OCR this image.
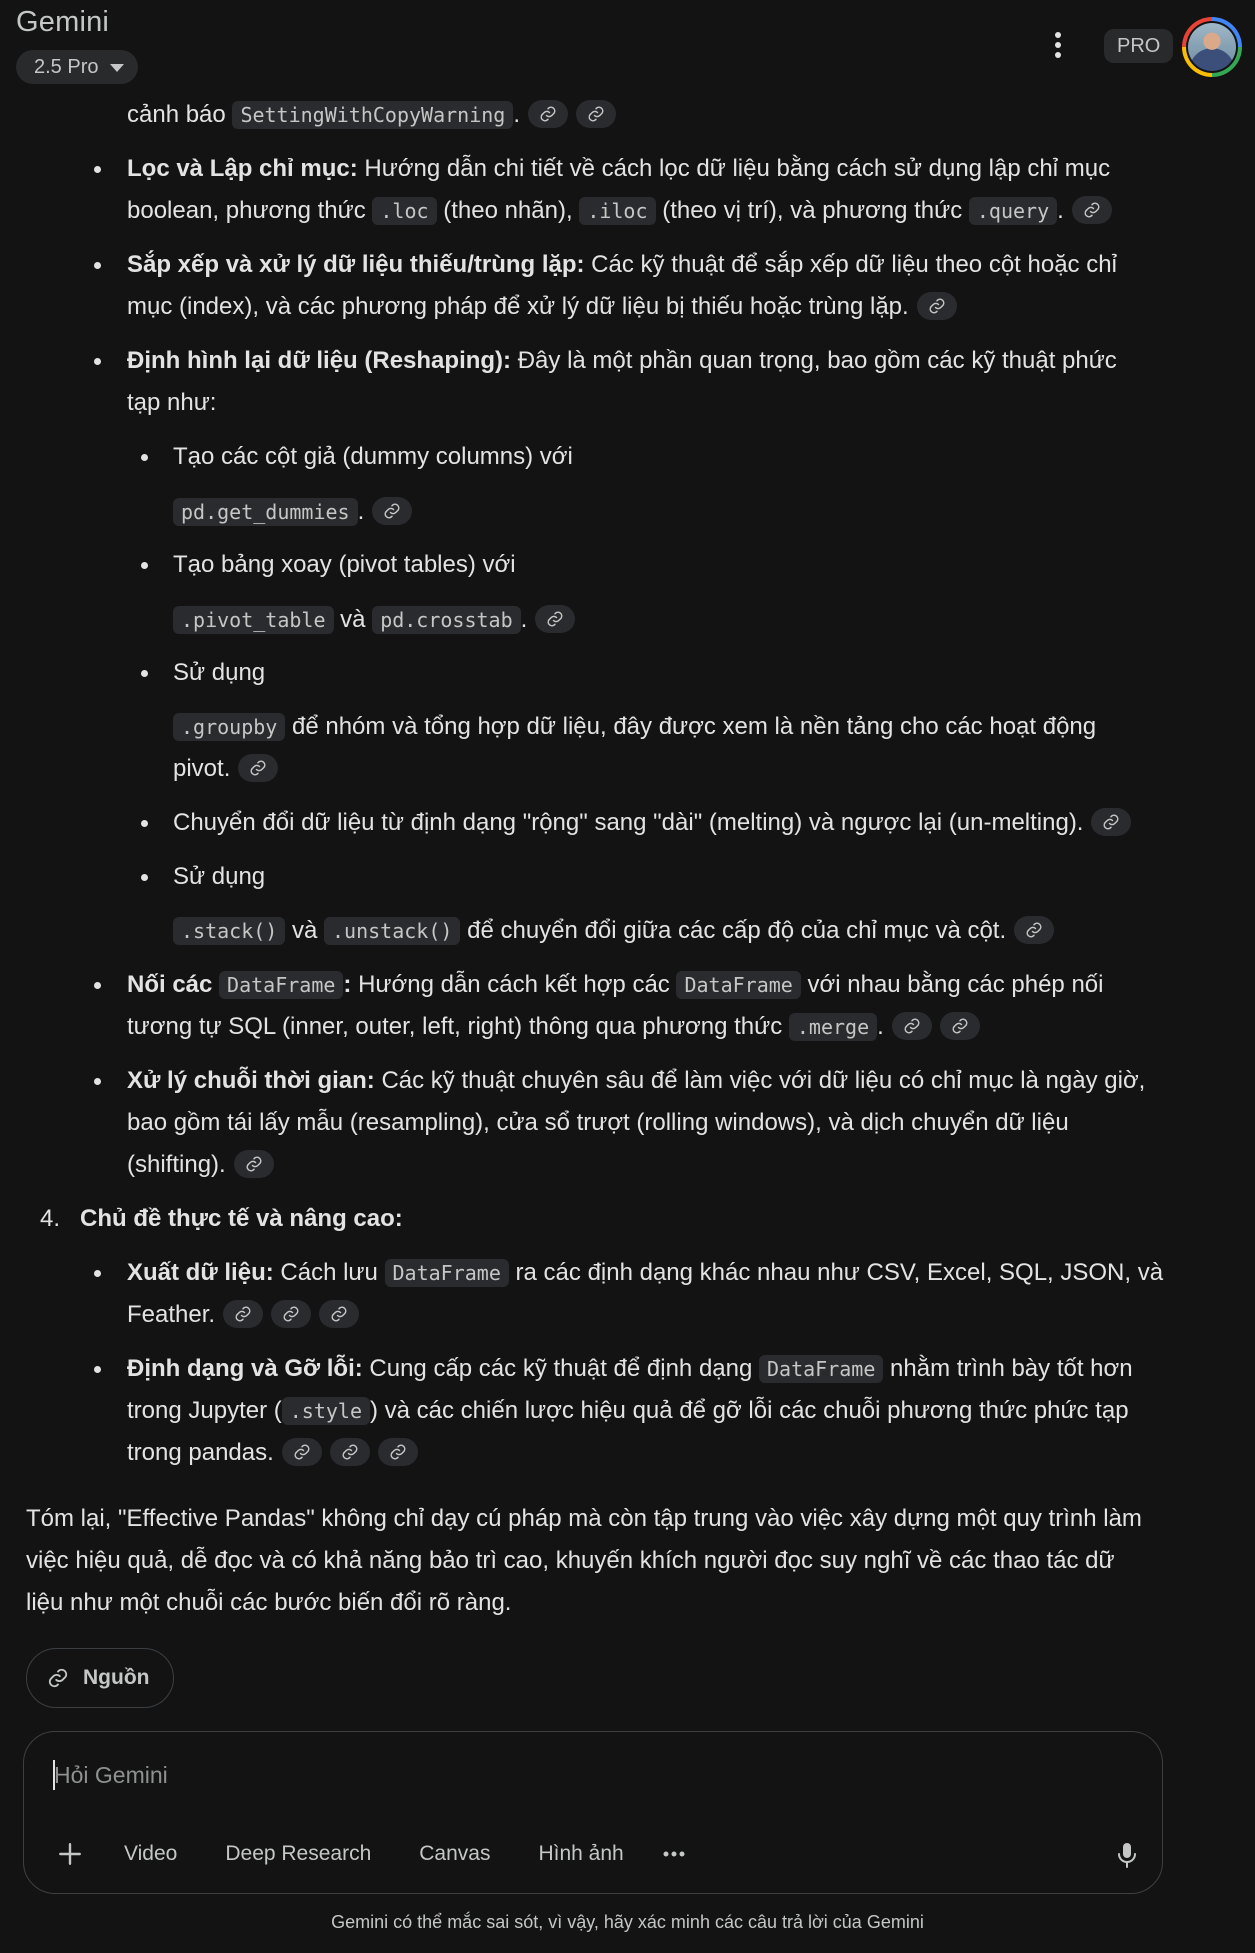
Gemini
2.5 Pro
PRO
cảnh báo SettingWithCopyWarning .
Lọc và Lập chỉ mục: Hướng dẫn chi tiết về cách lọc dữ liệu bằng cách sử dụng lập chỉ mục
boolean, phương thức .loc (theo nhãn), .iloc (theo vị trí), và phương thức .query .
Sắp xếp và xử lý dữ liệu thiếu/trùng lặp: Các kỹ thuật để sắp xếp dữ liệu theo cột hoặc chỉ
mục (index), và các phương pháp để xử lý dữ liệu bị thiếu hoặc trùng lặp.
Định hình lại dữ liệu (Reshaping): Đây là một phần quan trọng, bao gồm các kỹ thuật phức
tạp như:
Tạo các cột giả (dummy columns) với
pd.get_dummies .
Tạo bảng xoay (pivot tables) với
.pivot_table và pd.crosstab .
Sử dụng
.groupby để nhóm và tổng hợp dữ liệu, đây được xem là nền tảng cho các hoạt động
pivot.
Chuyển đổi dữ liệu từ định dạng "rộng" sang "dài" (melting) và ngược lại (un-melting).
Sử dụng
.stack() và .unstack() để chuyển đổi giữa các cấp độ của chỉ mục và cột.
Nối các DataFrame : Hướng dẫn cách kết hợp các DataFrame với nhau bằng các phép nối
tương tự SQL (inner, outer, left, right) thông qua phương thức .merge .
Xử lý chuỗi thời gian: Các kỹ thuật chuyên sâu để làm việc với dữ liệu có chỉ mục là ngày giờ,
bao gồm tái lấy mẫu (resampling), cửa sổ trượt (rolling windows), và dịch chuyển dữ liệu
(shifting).
4. Chủ đề thực tế và nâng cao:
Xuất dữ liệu: Cách lưu DataFrame ra các định dạng khác nhau như CSV, Excel, SQL, JSON, và
Feather.
Định dạng và Gỡ lỗi: Cung cấp các kỹ thuật để định dạng DataFrame nhằm trình bày tốt hơn
trong Jupyter ( .style ) và các chiến lược hiệu quả để gỡ lỗi các chuỗi phương thức phức tạp
trong pandas.
Tóm lại, "Effective Pandas" không chỉ dạy cú pháp mà còn tập trung vào việc xây dựng một quy trình làm
việc hiệu quả, dễ đọc và có khả năng bảo trì cao, khuyến khích người đọc suy nghĩ về các thao tác dữ
liệu như một chuỗi các bước biến đổi rõ ràng.
Nguồn
Hỏi Gemini
Video	Deep Research	Canvas	Hình ảnh
Gemini có thể mắc sai sót, vì vậy, hãy xác minh các câu trả lời của Gemini
